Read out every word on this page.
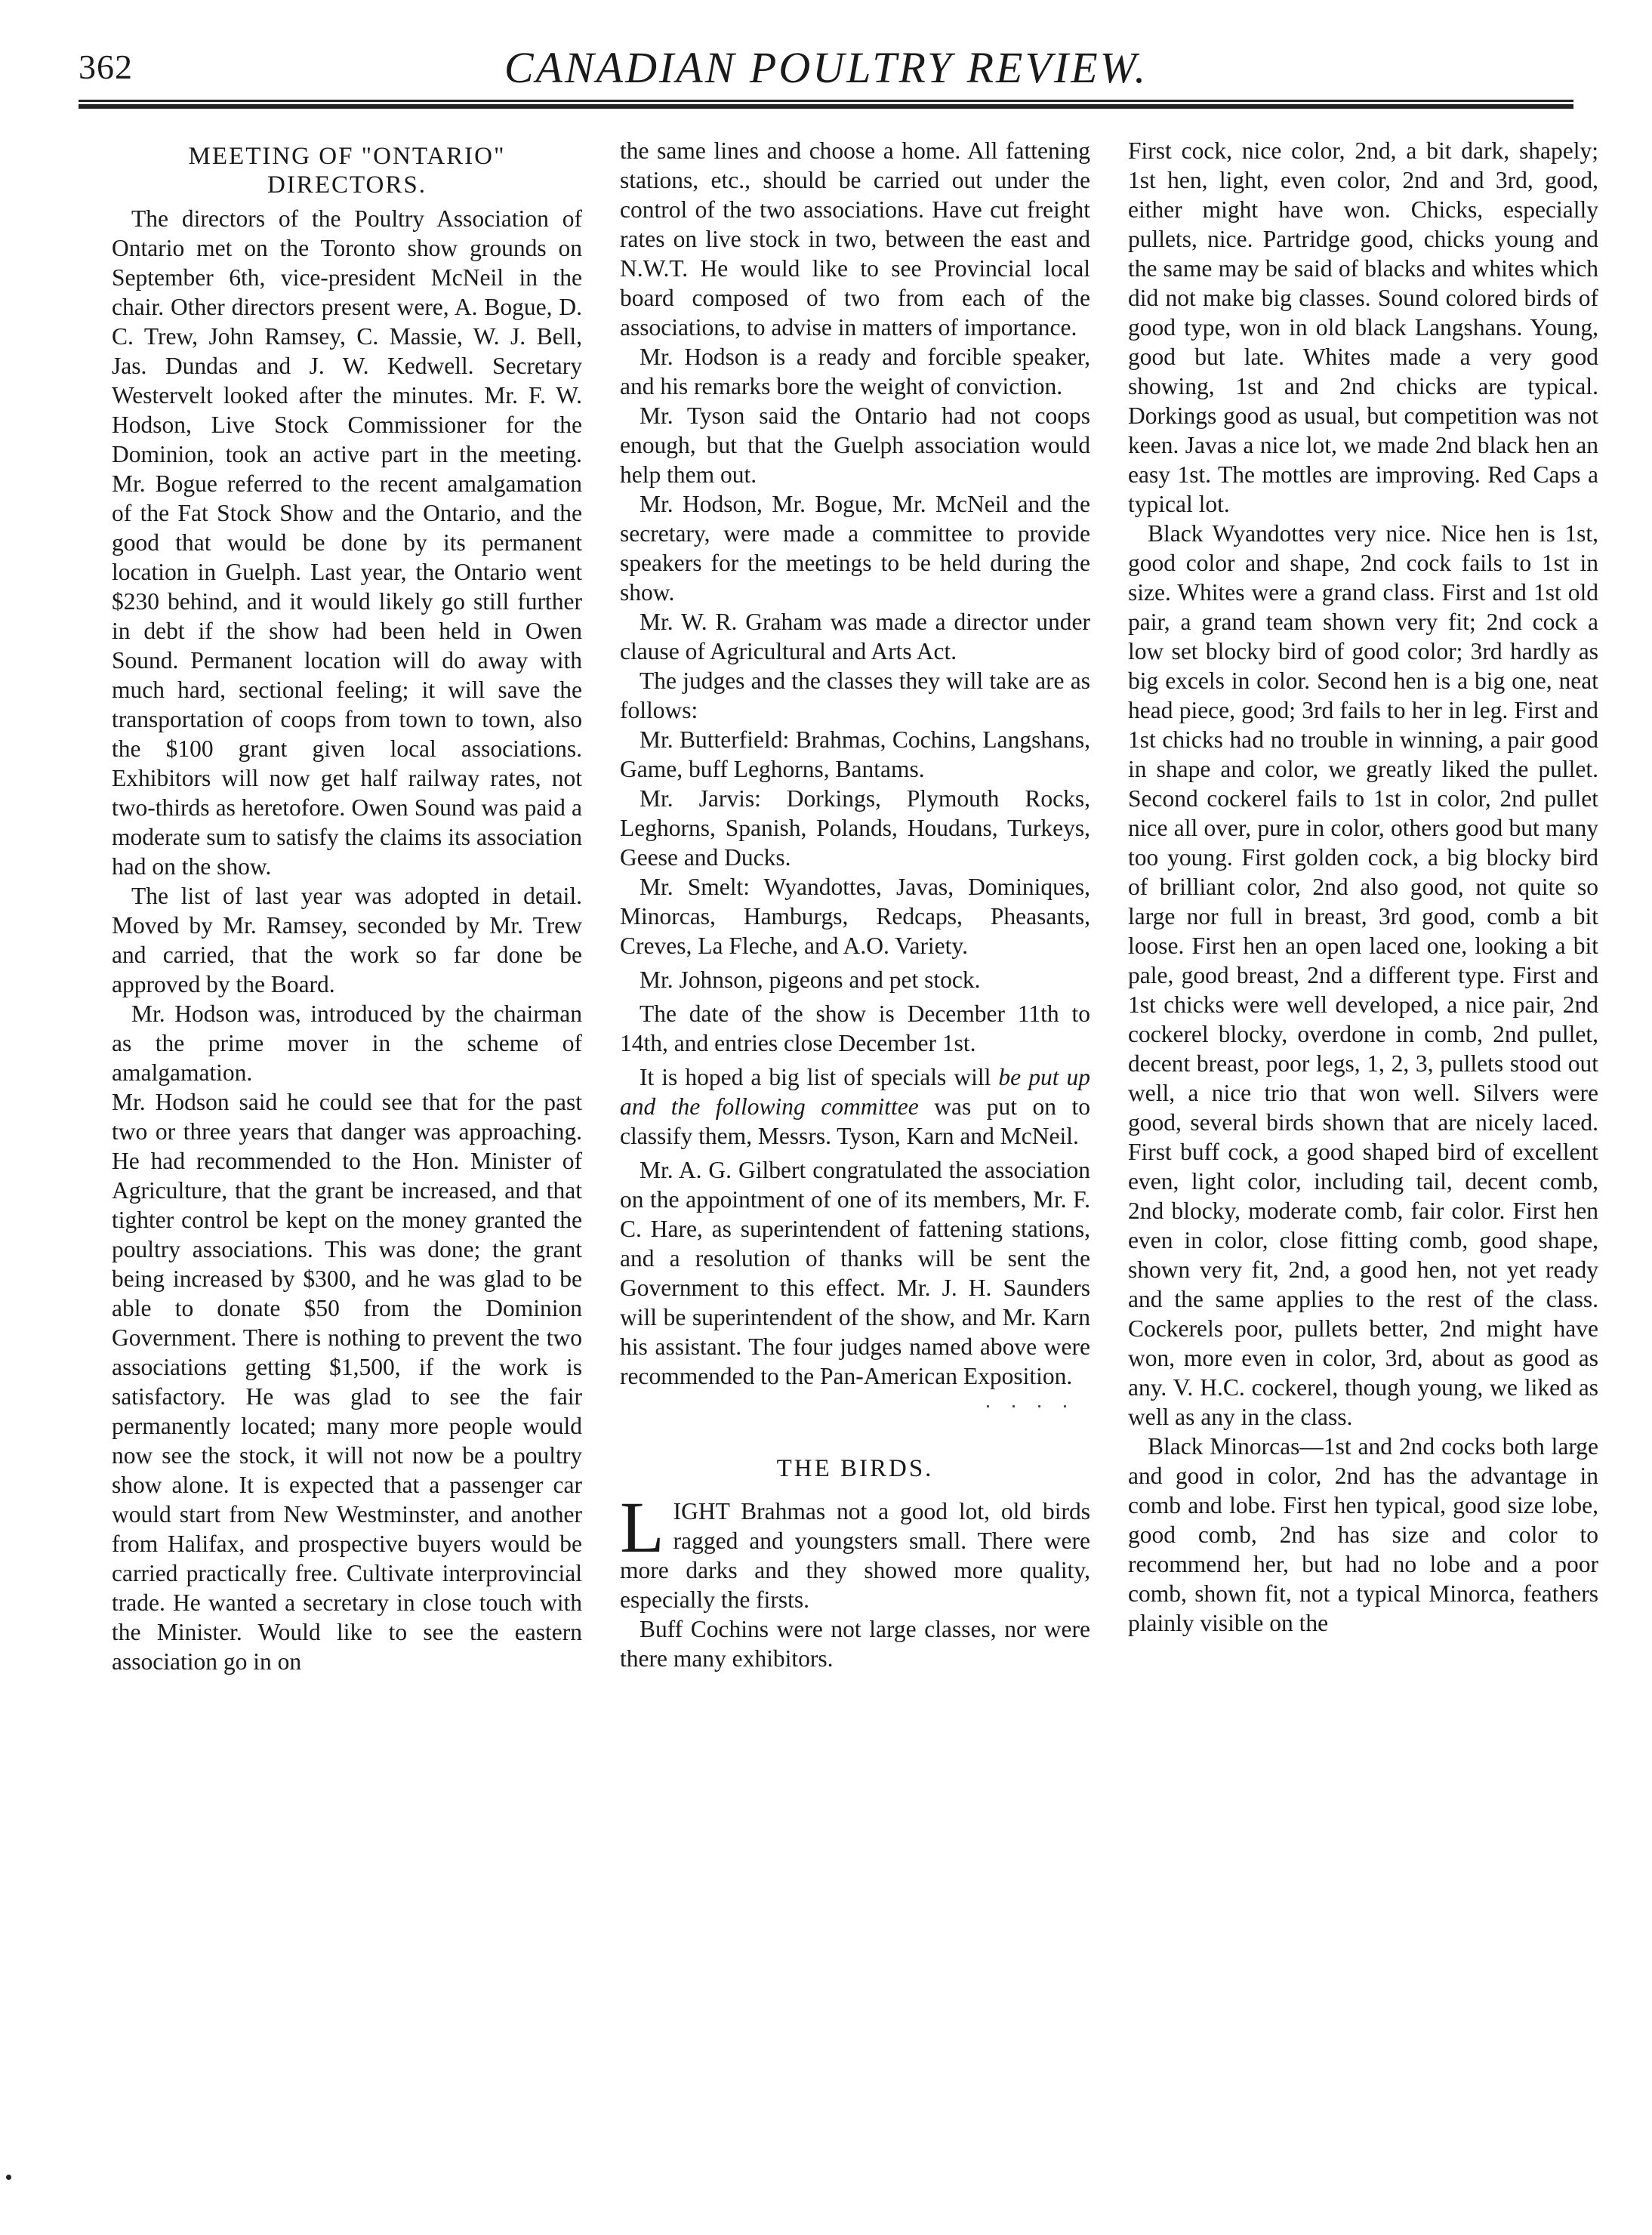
362	CANADIAN POULTRY REVIEW.
MEETING OF "ONTARIO" DIRECTORS.

The directors of the Poultry Association of Ontario met on the Toronto show grounds on September 6th, vice-president McNeil in the chair. Other directors present were, A. Bogue, D. C. Trew, John Ramsey, C. Massie, W. J. Bell, Jas. Dundas and J. W. Kedwell. Secretary Westervelt looked after the minutes. Mr. F. W. Hodson, Live Stock Commissioner for the Dominion, took an active part in the meeting. Mr. Bogue referred to the recent amalgamation of the Fat Stock Show and the Ontario, and the good that would be done by its permanent location in Guelph. Last year, the Ontario went $230 behind, and it would likely go still further in debt if the show had been held in Owen Sound. Permanent location will do away with much hard, sectional feeling; it will save the transportation of coops from town to town, also the $100 grant given local associations. Exhibitors will now get half railway rates, not two-thirds as heretofore. Owen Sound was paid a moderate sum to satisfy the claims its association had on the show.

The list of last year was adopted in detail. Moved by Mr. Ramsey, seconded by Mr. Trew and carried, that the work so far done be approved by the Board.

Mr. Hodson was, introduced by the chairman as the prime mover in the scheme of amalgamation.

Mr. Hodson said he could see that for the past two or three years that danger was approaching. He had recommended to the Hon. Minister of Agriculture, that the grant be increased, and that tighter control be kept on the money granted the poultry associations. This was done; the grant being increased by $300, and he was glad to be able to donate $50 from the Dominion Government. There is nothing to prevent the two associations getting $1,500, if the work is satisfactory. He was glad to see the fair permanently located; many more people would now see the stock, it will not now be a poultry show alone. It is expected that a passenger car would start from New Westminster, and another from Halifax, and prospective buyers would be carried practically free. Cultivate interprovincial trade. He wanted a secretary in close touch with the Minister. Would like to see the eastern association go in on

the same lines and choose a home. All fattening stations, etc., should be carried out under the control of the two associations. Have cut freight rates on live stock in two, between the east and N.W.T. He would like to see Provincial local board composed of two from each of the associations, to advise in matters of importance.

Mr. Hodson is a ready and forcible speaker, and his remarks bore the weight of conviction.

Mr. Tyson said the Ontario had not coops enough, but that the Guelph association would help them out.

Mr. Hodson, Mr. Bogue, Mr. McNeil and the secretary, were made a committee to provide speakers for the meetings to be held during the show.

Mr. W. R. Graham was made a director under clause of Agricultural and Arts Act.

The judges and the classes they will take are as follows:

Mr. Butterfield: Brahmas, Cochins, Langshans, Game, buff Leghorns, Bantams.

Mr. Jarvis: Dorkings, Plymouth Rocks, Leghorns, Spanish, Polands, Houdans, Turkeys, Geese and Ducks.

Mr. Smelt: Wyandottes, Javas, Dominiques, Minorcas, Hamburgs, Redcaps, Pheasants, Creves, La Fleche, and A.O. Variety.

Mr. Johnson, pigeons and pet stock.

The date of the show is December 11th to 14th, and entries close December 1st.

It is hoped a big list of specials will be put up and the following committee was put on to classify them, Messrs. Tyson, Karn and McNeil.

Mr. A. G. Gilbert congratulated the association on the appointment of one of its members, Mr. F. C. Hare, as superintendent of fattening stations, and a resolution of thanks will be sent the Government to this effect. Mr. J. H. Saunders will be superintendent of the show, and Mr. Karn his assistant. The four judges named above were recommended to the Pan-American Exposition.

. . . .
THE BIRDS.

LIGHT Brahmas not a good lot, old birds ragged and youngsters small. There were more darks and they showed more quality, especially the firsts.

Buff Cochins were not large classes, nor were there many exhibitors.

First cock, nice color, 2nd, a bit dark, shapely; 1st hen, light, even color, 2nd and 3rd, good, either might have won. Chicks, especially pullets, nice. Partridge good, chicks young and the same may be said of blacks and whites which did not make big classes. Sound colored birds of good type, won in old black Langshans. Young, good but late. Whites made a very good showing, 1st and 2nd chicks are typical. Dorkings good as usual, but competition was not keen. Javas a nice lot, we made 2nd black hen an easy 1st. The mottles are improving. Red Caps a typical lot.

Black Wyandottes very nice. Nice hen is 1st, good color and shape, 2nd cock fails to 1st in size. Whites were a grand class. First and 1st old pair, a grand team shown very fit; 2nd cock a low set blocky bird of good color; 3rd hardly as big excels in color. Second hen is a big one, neat head piece, good; 3rd fails to her in leg. First and 1st chicks had no trouble in winning, a pair good in shape and color, we greatly liked the pullet. Second cockerel fails to 1st in color, 2nd pullet nice all over, pure in color, others good but many too young. First golden cock, a big blocky bird of brilliant color, 2nd also good, not quite so large nor full in breast, 3rd good, comb a bit loose. First hen an open laced one, looking a bit pale, good breast, 2nd a different type. First and 1st chicks were well developed, a nice pair, 2nd cockerel blocky, overdone in comb, 2nd pullet, decent breast, poor legs, 1, 2, 3, pullets stood out well, a nice trio that won well. Silvers were good, several birds shown that are nicely laced. First buff cock, a good shaped bird of excellent even, light color, including tail, decent comb, 2nd blocky, moderate comb, fair color. First hen even in color, close fitting comb, good shape, shown very fit, 2nd, a good hen, not yet ready and the same applies to the rest of the class. Cockerels poor, pullets better, 2nd might have won, more even in color, 3rd, about as good as any. V. H.C. cockerel, though young, we liked as well as any in the class.

Black Minorcas—1st and 2nd cocks both large and good in color, 2nd has the advantage in comb and lobe. First hen typical, good size lobe, good comb, 2nd has size and color to recommend her, but had no lobe and a poor comb, shown fit, not a typical Minorca, feathers plainly visible on the
